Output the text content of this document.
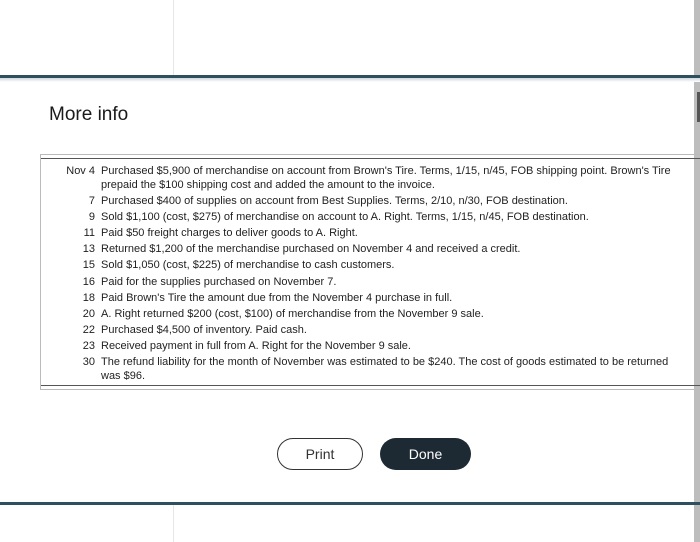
More info
Nov 4	Purchased $5,900 of merchandise on account from Brown's Tire. Terms, 1/15, n/45, FOB shipping point. Brown's Tire prepaid the $100 shipping cost and added the amount to the invoice.
7	Purchased $400 of supplies on account from Best Supplies. Terms, 2/10, n/30, FOB destination.
9	Sold $1,100 (cost, $275) of merchandise on account to A. Right. Terms, 1/15, n/45, FOB destination.
11	Paid $50 freight charges to deliver goods to A. Right.
13	Returned $1,200 of the merchandise purchased on November 4 and received a credit.
15	Sold $1,050 (cost, $225) of merchandise to cash customers.
16	Paid for the supplies purchased on November 7.
18	Paid Brown's Tire the amount due from the November 4 purchase in full.
20	A. Right returned $200 (cost, $100) of merchandise from the November 9 sale.
22	Purchased $4,500 of inventory. Paid cash.
23	Received payment in full from A. Right for the November 9 sale.
30	The refund liability for the month of November was estimated to be $240. The cost of goods estimated to be returned was $96.
Print	Done
